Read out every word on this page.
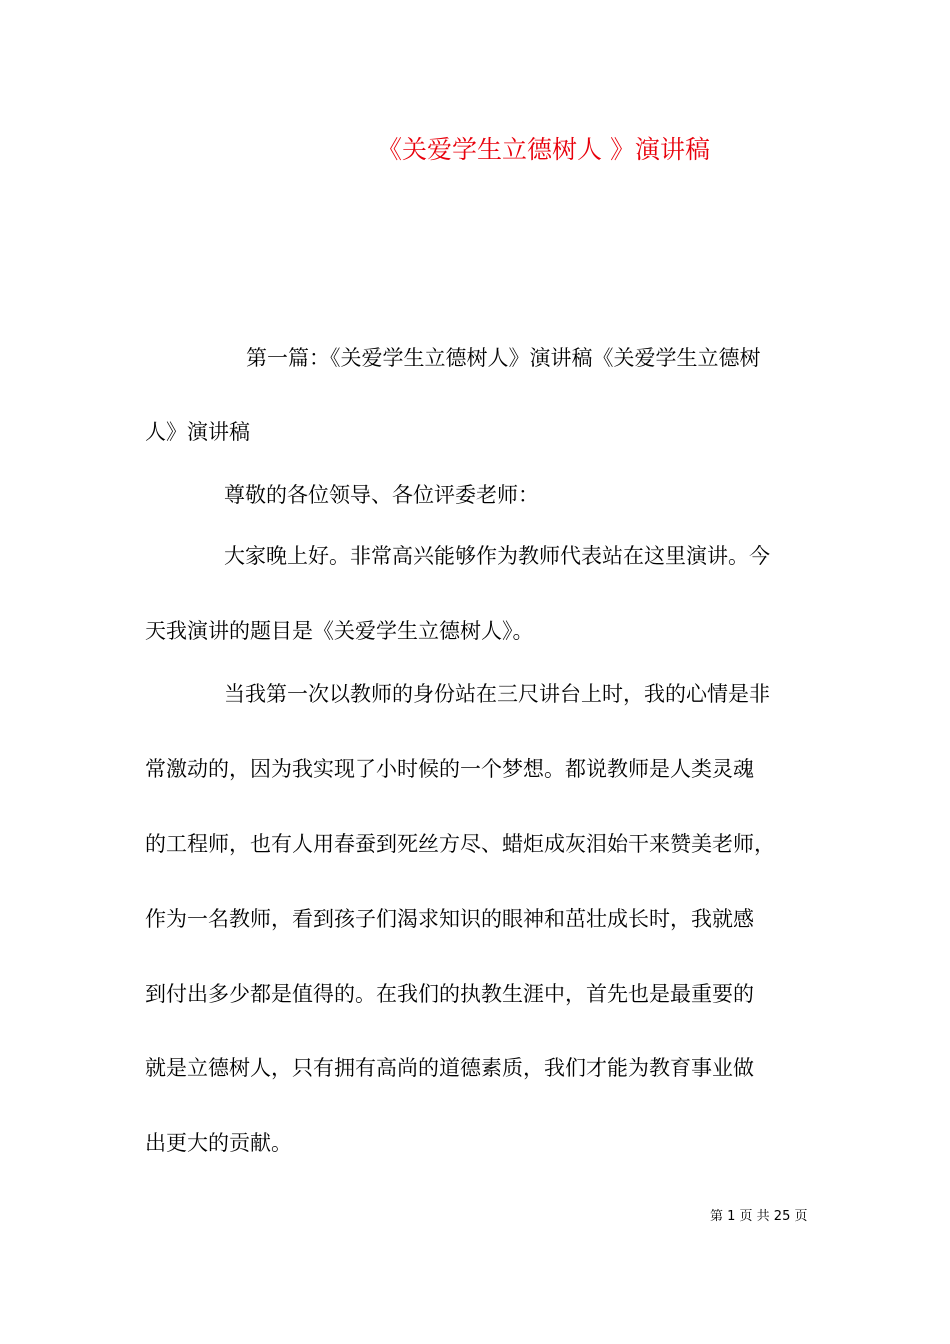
《关爱学生立德树人 》演讲稿
第一篇：《关爱学生立德树人》演讲稿《关爱学生立德树
人》演讲稿
尊敬的各位领导、各位评委老师：
大家晚上好。非常高兴能够作为教师代表站在这里演讲。今
天我演讲的题目是《关爱学生立德树人》。
当我第一次以教师的身份站在三尺讲台上时，我的心情是非
常激动的，因为我实现了小时候的一个梦想。都说教师是人类灵魂
的工程师，也有人用春蚕到死丝方尽、蜡炬成灰泪始干来赞美老师，
作为一名教师，看到孩子们渴求知识的眼神和茁壮成长时，我就感
到付出多少都是值得的。在我们的执教生涯中，首先也是最重要的
就是立德树人，只有拥有高尚的道德素质，我们才能为教育事业做
出更大的贡献。
第 1 页 共 25 页
